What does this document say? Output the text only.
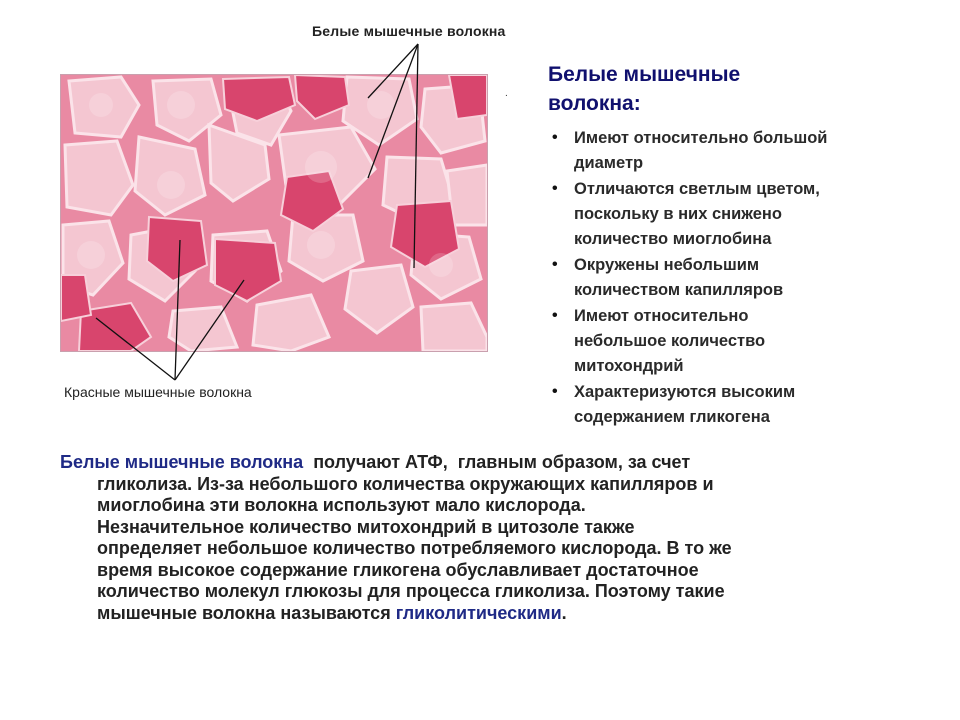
Белые мышечные волокна
Красные мышечные волокна
.
Белые мышечные
волокна:
• Имеют относительно большой
диаметр
• Отличаются светлым цветом,
поскольку в них снижено
количество миоглобина
• Окружены небольшим
количеством капилляров
• Имеют относительно
небольшое количество
митохондрий
• Характеризуются высоким
содержанием гликогена
Белые мышечные волокна  получают АТФ,  главным образом, за счет
гликолиза. Из-за небольшого количества окружающих капилляров и
миоглобина эти волокна используют мало кислорода.
Незначительное количество митохондрий в цитозоле также
определяет небольшое количество потребляемого кислорода. В то же
время высокое содержание гликогена обуславливает достаточное
количество молекул глюкозы для процесса гликолиза. Поэтому такие
мышечные волокна называются гликолитическими.
